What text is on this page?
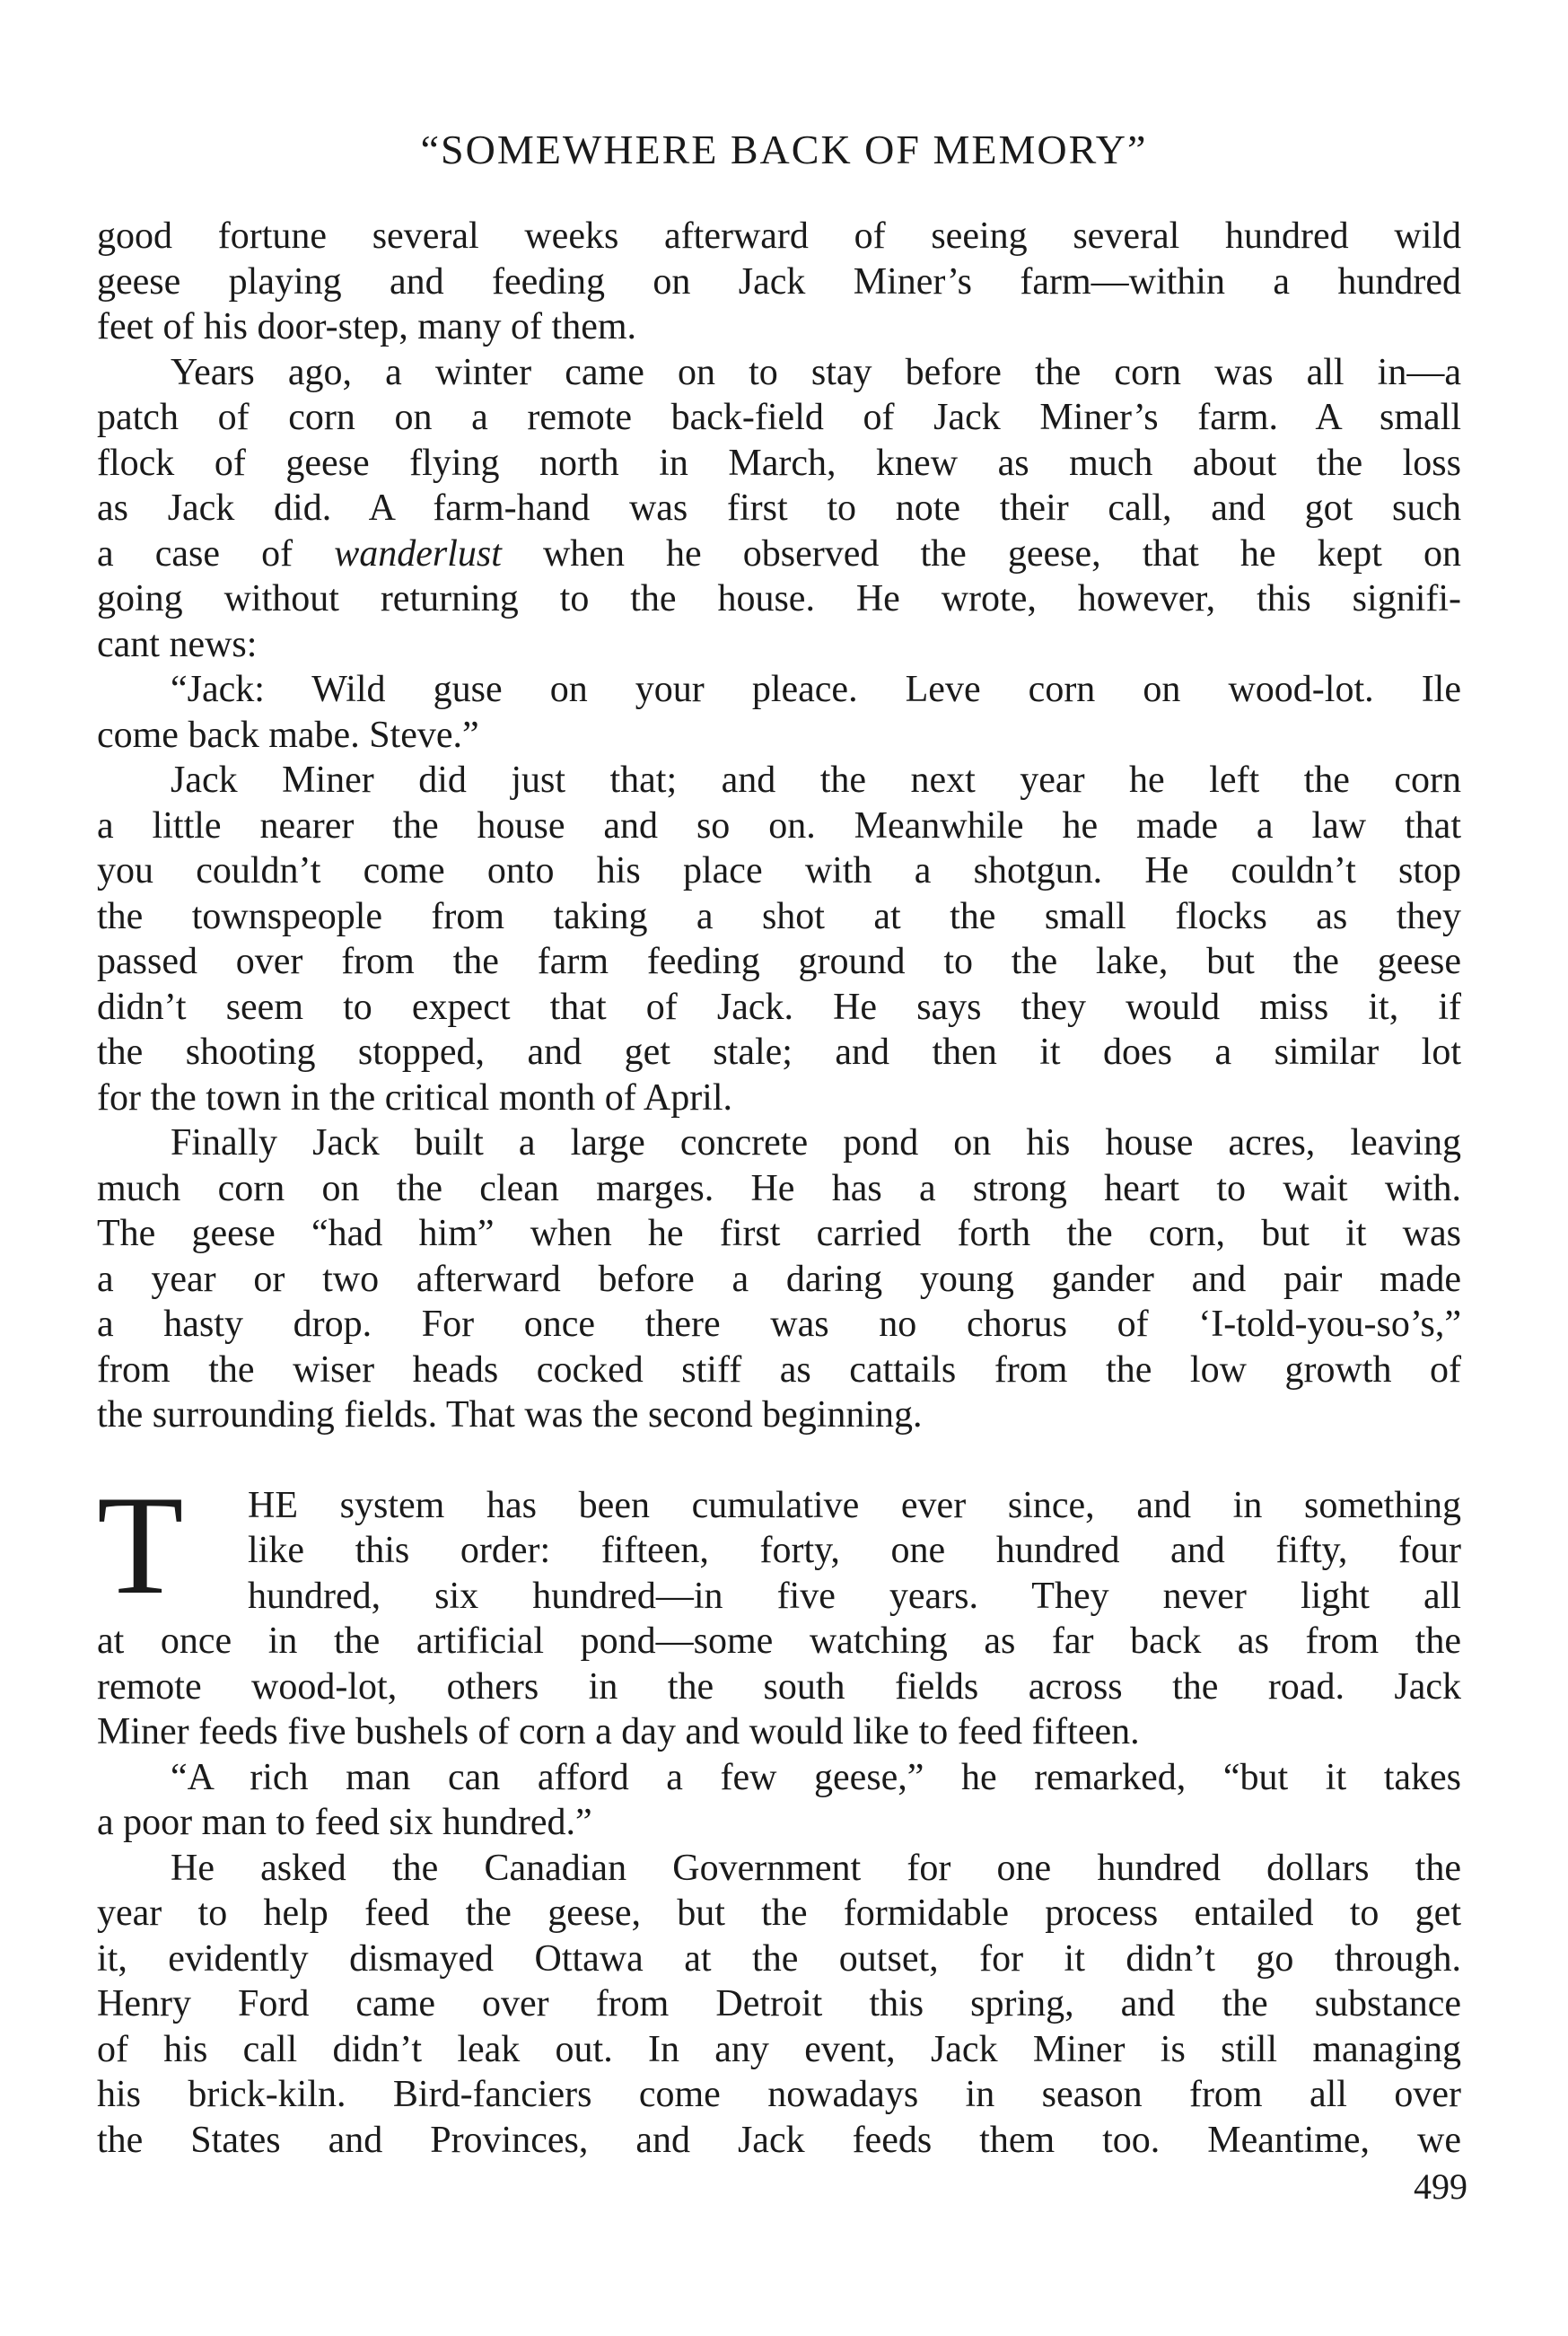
“SOMEWHERE BACK OF MEMORY”
good fortune several weeks afterward of seeing several hundred wild
geese playing and feeding on Jack Miner’s farm—within a hundred
feet of his door-step, many of them.
Years ago, a winter came on to stay before the corn was all in—a
patch of corn on a remote back-field of Jack Miner’s farm. A small
flock of geese flying north in March, knew as much about the loss
as Jack did. A farm-hand was first to note their call, and got such
a case of wanderlust when he observed the geese, that he kept on
going without returning to the house. He wrote, however, this signifi-
cant news:
“Jack: Wild guse on your pleace. Leve corn on wood-lot. Ile
come back mabe. Steve.”
Jack Miner did just that; and the next year he left the corn
a little nearer the house and so on. Meanwhile he made a law that
you couldn’t come onto his place with a shotgun. He couldn’t stop
the townspeople from taking a shot at the small flocks as they
passed over from the farm feeding ground to the lake, but the geese
didn’t seem to expect that of Jack. He says they would miss it, if
the shooting stopped, and get stale; and then it does a similar lot
for the town in the critical month of April.
Finally Jack built a large concrete pond on his house acres, leaving
much corn on the clean marges. He has a strong heart to wait with.
The geese “had him” when he first carried forth the corn, but it was
a year or two afterward before a daring young gander and pair made
a hasty drop. For once there was no chorus of ‘I-told-you-so’s,”
from the wiser heads cocked stiff as cattails from the low growth of
the surrounding fields. That was the second beginning.
T	HE system has been cumulative ever since, and in something
like this order: fifteen, forty, one hundred and fifty, four
hundred, six hundred—in five years. They never light all
at once in the artificial pond—some watching as far back as from the
remote wood-lot, others in the south fields across the road. Jack
Miner feeds five bushels of corn a day and would like to feed fifteen.
“A rich man can afford a few geese,” he remarked, “but it takes
a poor man to feed six hundred.”
He asked the Canadian Government for one hundred dollars the
year to help feed the geese, but the formidable process entailed to get
it, evidently dismayed Ottawa at the outset, for it didn’t go through.
Henry Ford came over from Detroit this spring, and the substance
of his call didn’t leak out. In any event, Jack Miner is still managing
his brick-kiln. Bird-fanciers come nowadays in season from all over
the States and Provinces, and Jack feeds them too. Meantime, we

499
